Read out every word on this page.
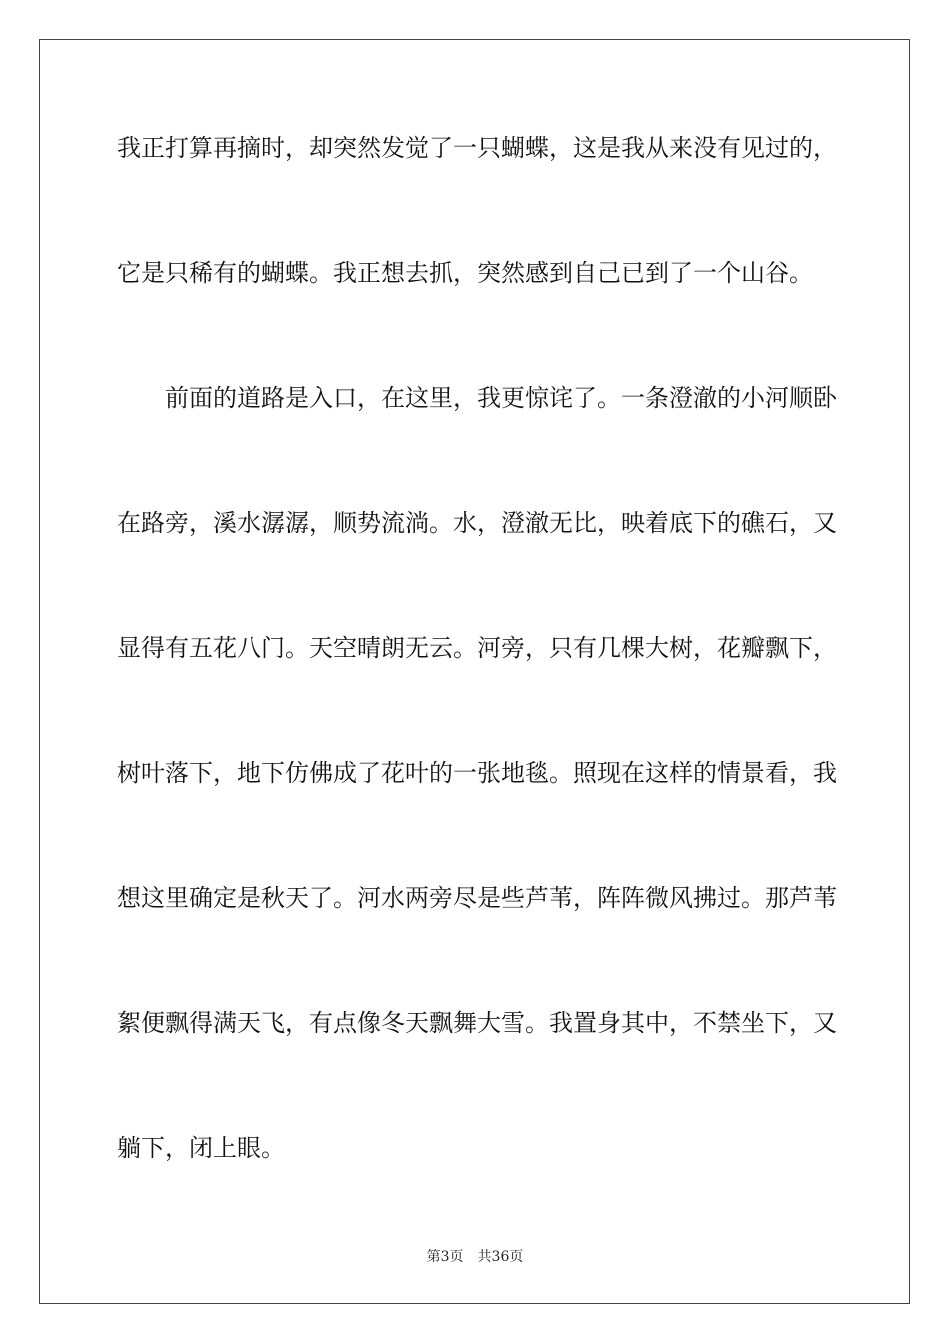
我正打算再摘时，却突然发觉了一只蝴蝶，这是我从来没有见过的，
它是只稀有的蝴蝶。我正想去抓，突然感到自己已到了一个山谷。
前面的道路是入口，在这里，我更惊诧了。一条澄澈的小河顺卧
在路旁，溪水潺潺，顺势流淌。水，澄澈无比，映着底下的礁石，又
显得有五花八门。天空晴朗无云。河旁，只有几棵大树，花瓣飘下，
树叶落下，地下仿佛成了花叶的一张地毯。照现在这样的情景看，我
想这里确定是秋天了。河水两旁尽是些芦苇，阵阵微风拂过。那芦苇
絮便飘得满天飞，有点像冬天飘舞大雪。我置身其中，不禁坐下，又
躺下，闭上眼。
第3页 共36页
